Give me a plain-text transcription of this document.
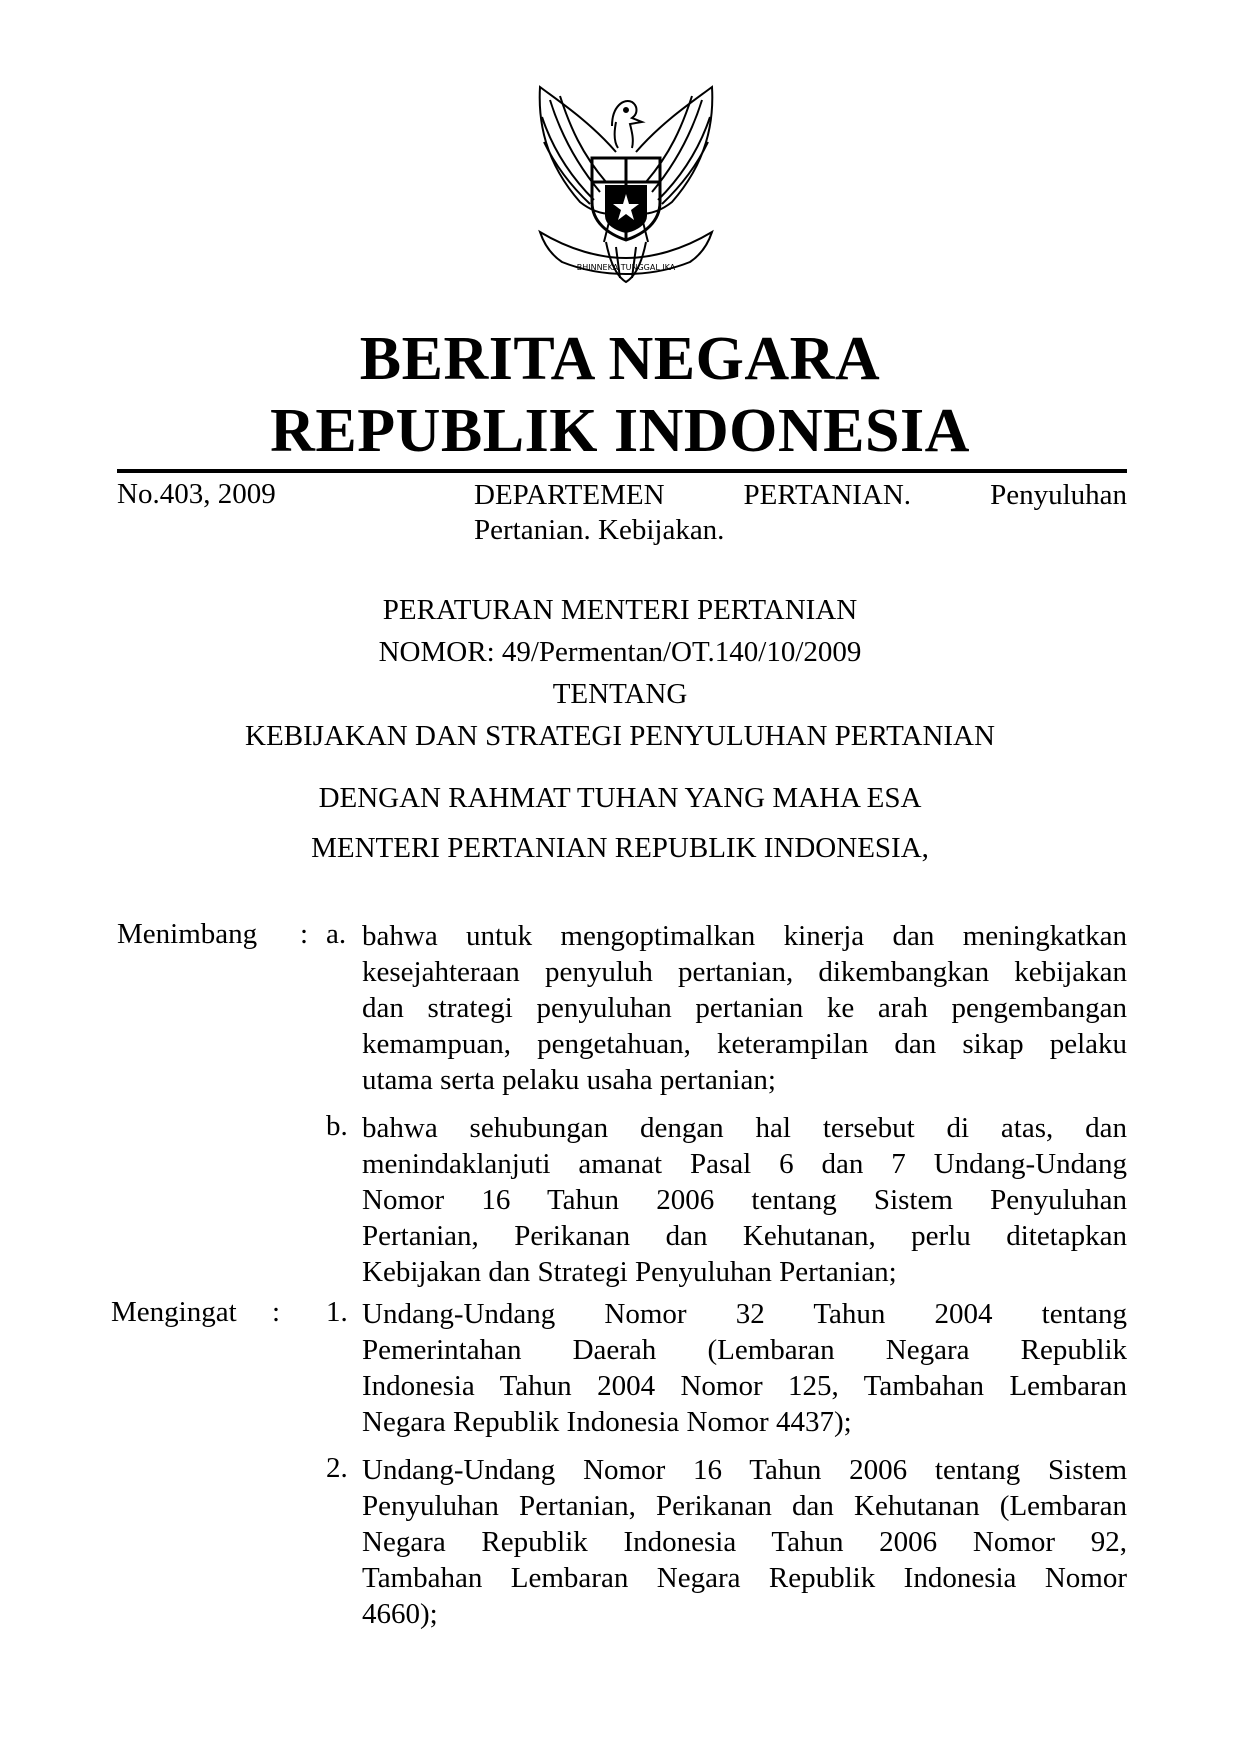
BHINNEKA TUNGGAL IKA
BERITA NEGARA
REPUBLIK INDONESIA
No.403, 2009	DEPARTEMEN	PERTANIAN.	Penyuluhan
Pertanian. Kebijakan.
PERATURAN MENTERI PERTANIAN
NOMOR: 49/Permentan/OT.140/10/2009
TENTANG
KEBIJAKAN DAN STRATEGI PENYULUHAN PERTANIAN
DENGAN RAHMAT TUHAN YANG MAHA ESA
MENTERI PERTANIAN REPUBLIK INDONESIA,
Menimbang : a. bahwa untuk mengoptimalkan kinerja dan meningkatkan
kesejahteraan penyuluh pertanian, dikembangkan kebijakan
dan strategi penyuluhan pertanian ke arah pengembangan
kemampuan, pengetahuan, keterampilan dan sikap pelaku
utama serta pelaku usaha pertanian;
b. bahwa sehubungan dengan hal tersebut di atas, dan
menindaklanjuti amanat Pasal 6 dan 7 Undang-Undang
Nomor 16 Tahun 2006 tentang Sistem Penyuluhan
Pertanian, Perikanan dan Kehutanan, perlu ditetapkan
Kebijakan dan Strategi Penyuluhan Pertanian;
Mengingat : 1. Undang-Undang Nomor 32 Tahun 2004 tentang
Pemerintahan Daerah (Lembaran Negara Republik
Indonesia Tahun 2004 Nomor 125, Tambahan Lembaran
Negara Republik Indonesia Nomor 4437);
2. Undang-Undang Nomor 16 Tahun 2006 tentang Sistem
Penyuluhan Pertanian, Perikanan dan Kehutanan (Lembaran
Negara Republik Indonesia Tahun 2006 Nomor 92,
Tambahan Lembaran Negara Republik Indonesia Nomor
4660);
